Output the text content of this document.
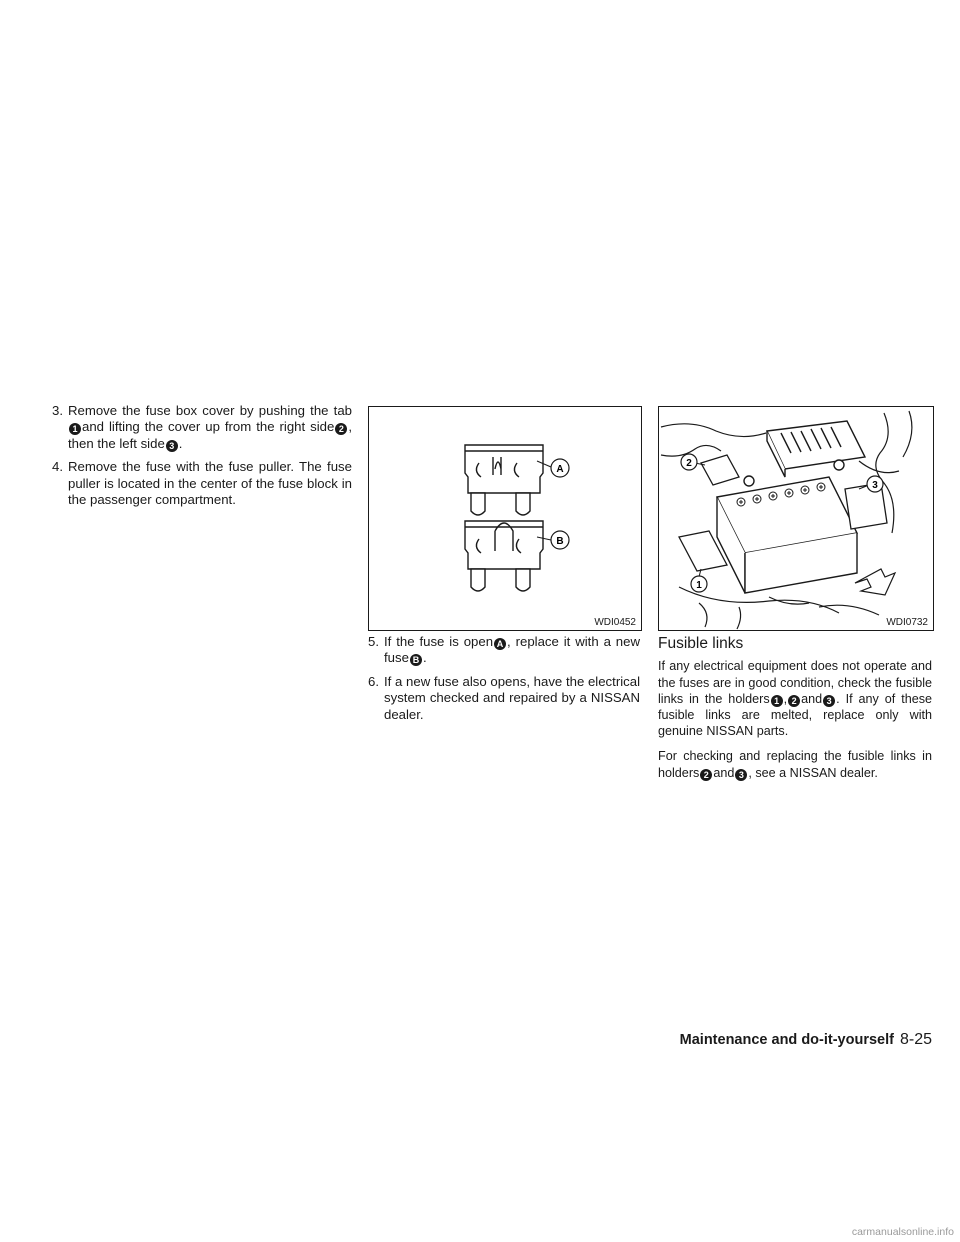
3. Remove the fuse box cover by pushing the tab1 and lifting the cover up from the right side 2 , then the left side 3 .
4. Remove the fuse with the fuse puller. The fuse puller is located in the center of the fuse block in the passenger compartment.
A
B
WDI0452
2
3
1
WDI0732
5. If the fuse is open A , replace it with a new fuse B .
6. If a new fuse also opens, have the electrical system checked and repaired by a NISSAN dealer.
Fusible links

If any electrical equipment does not operate and the fuses are in good condition, check the fusible links in the holders 1 , 2 and 3 . If any of these fusible links are melted, replace only with genuine NISSAN parts.

For checking and replacing the fusible links in holders 2 and 3 , see a NISSAN dealer.

Maintenance and do-it-yourself 8-25
carmanualsonline.info
